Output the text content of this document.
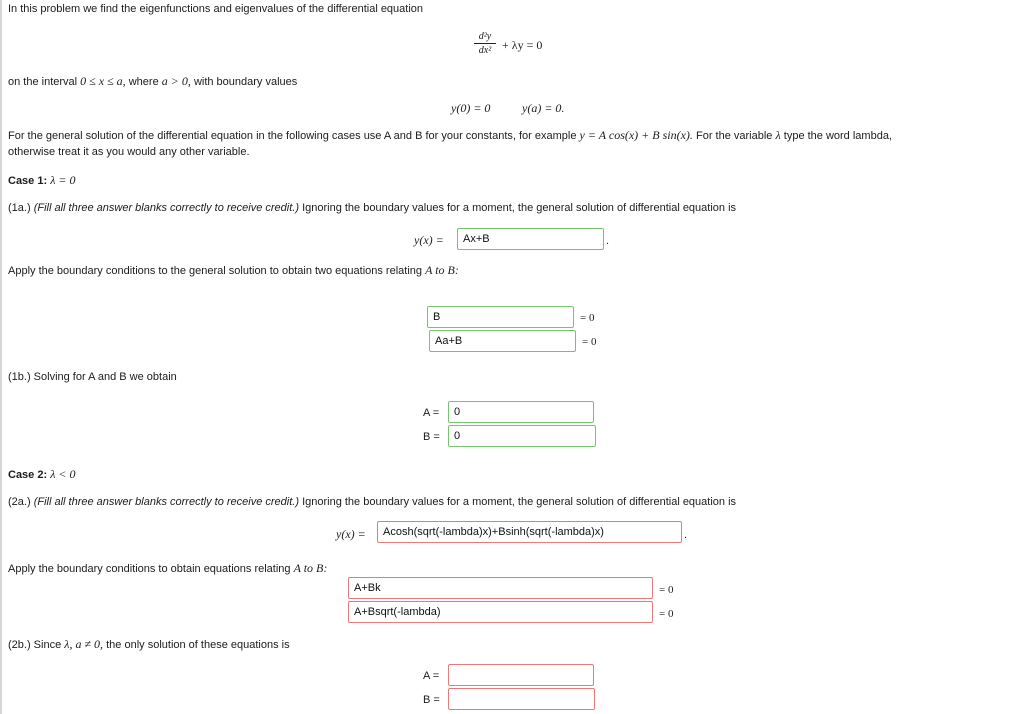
In this problem we find the eigenfunctions and eigenvalues of the differential equation
d²y
dx² + λy = 0
on the interval 0 ≤ x ≤ a, where a > 0, with boundary values
y(0) = 0	y(a) = 0.
For the general solution of the differential equation in the following cases use A and B for your constants, for example y = A cos(x) + B sin(x). For the variable λ type the word lambda,
otherwise treat it as you would any other variable.
Case 1: λ = 0
(1a.) (Fill all three answer blanks correctly to receive credit.) Ignoring the boundary values for a moment, the general solution of differential equation is
y(x) =	Ax+B	.
Apply the boundary conditions to the general solution to obtain two equations relating A to B:
B	= 0
Aa+B	= 0
(1b.) Solving for A and B we obtain
A =	0
B =	0
Case 2: λ < 0
(2a.) (Fill all three answer blanks correctly to receive credit.) Ignoring the boundary values for a moment, the general solution of differential equation is
y(x) =	Acosh(sqrt(-lambda)x)+Bsinh(sqrt(-lambda)x)	.
Apply the boundary conditions to obtain equations relating A to B:
A+Bk	= 0
A+Bsqrt(-lambda)	= 0
(2b.) Since λ, a ≠ 0, the only solution of these equations is
A =
B =
